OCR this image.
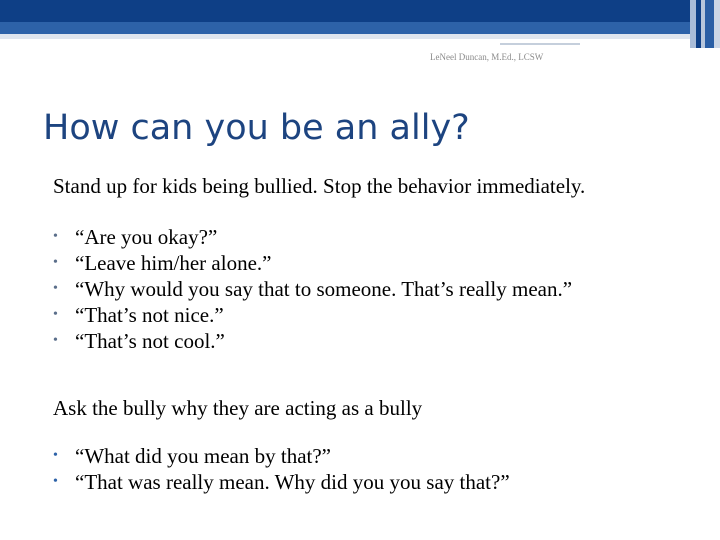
LeNeel Duncan, M.Ed., LCSW
How can you be an ally?
Stand up for kids being bullied. Stop the behavior immediately.
• “Are you okay?”
• “Leave him/her alone.”
• “Why would you say that to someone. That’s really mean.”
• “That’s not nice.”
• “That’s not cool.”
Ask the bully why they are acting as a bully
• “What did you mean by that?”
• “That was really mean. Why did you you say that?”
